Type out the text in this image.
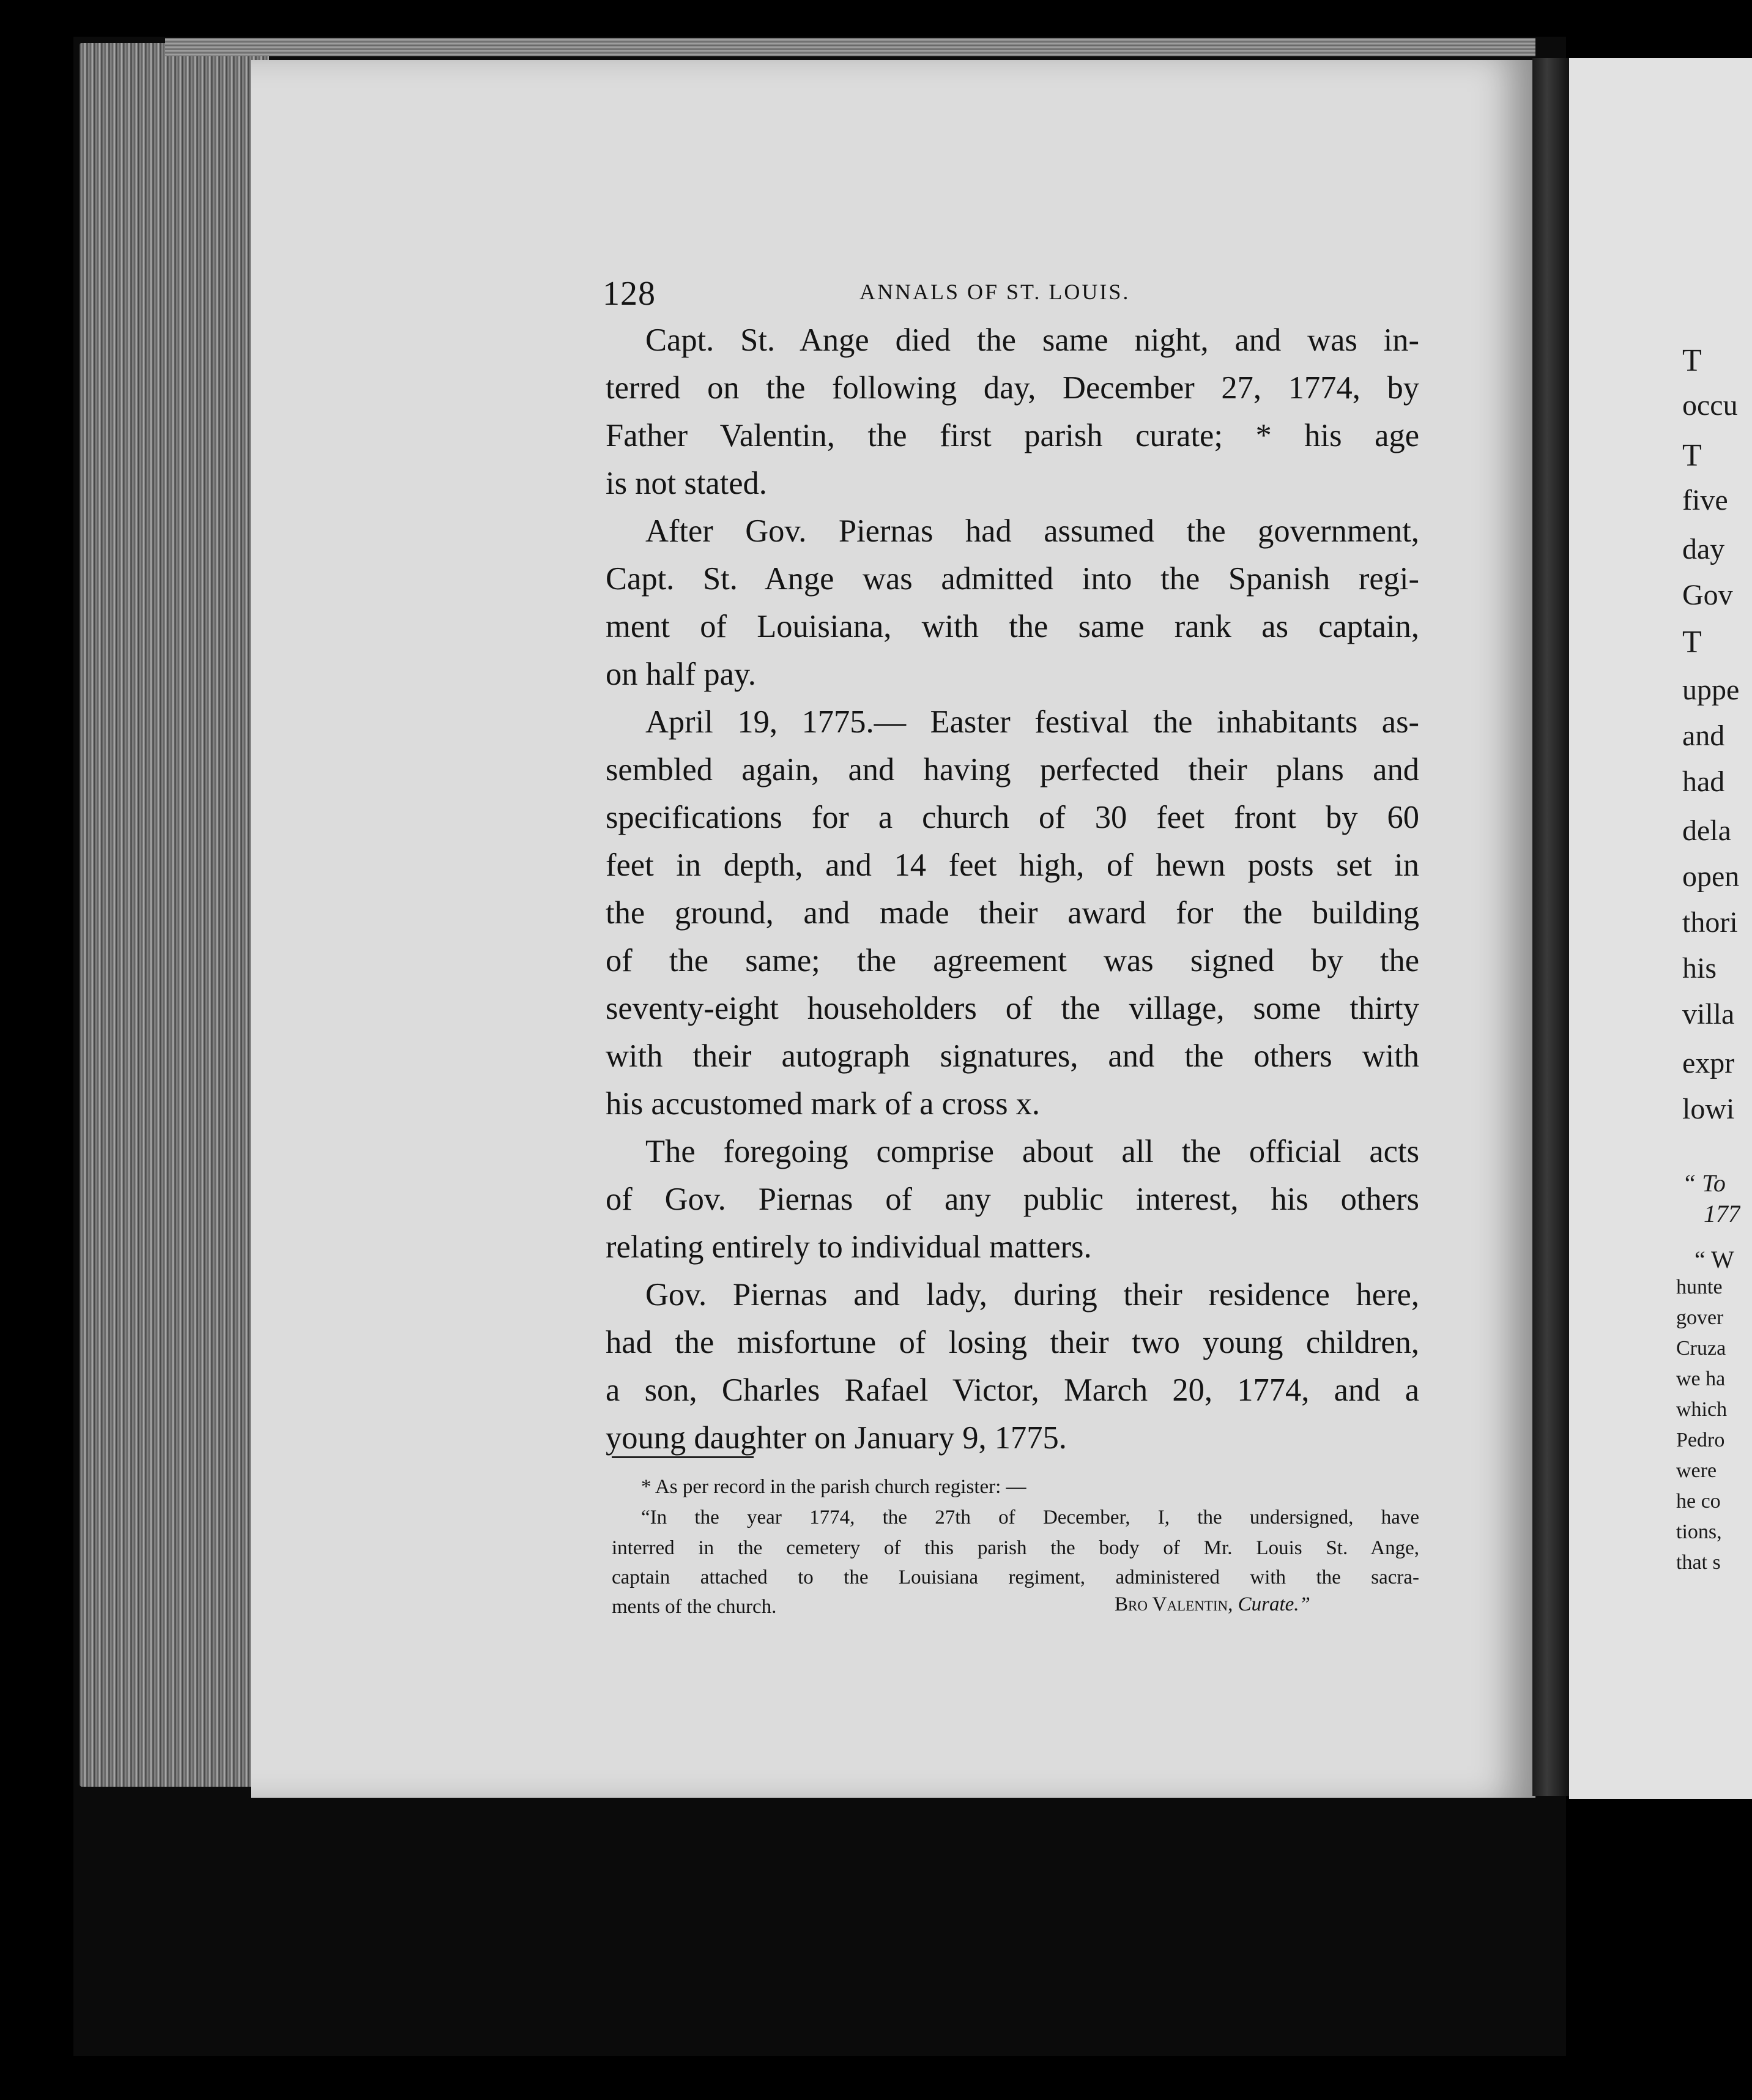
128	ANNALS OF ST. LOUIS.
Capt. St. Ange died the same night, and was in-
terred on the following day, December 27, 1774, by
Father Valentin, the first parish curate; * his age
is not stated.
After Gov. Piernas had assumed the government,
Capt. St. Ange was admitted into the Spanish regi-
ment of Louisiana, with the same rank as captain,
on half pay.
April 19, 1775.— Easter festival the inhabitants as-
sembled again, and having perfected their plans and
specifications for a church of 30 feet front by 60
feet in depth, and 14 feet high, of hewn posts set in
the ground, and made their award for the building
of the same; the agreement was signed by the
seventy-eight householders of the village, some thirty
with their autograph signatures, and the others with
his accustomed mark of a cross x.
The foregoing comprise about all the official acts
of Gov. Piernas of any public interest, his others
relating entirely to individual matters.
Gov. Piernas and lady, during their residence here,
had the misfortune of losing their two young children,
a son, Charles Rafael Victor, March 20, 1774, and a
young daughter on January 9, 1775.
* As per record in the parish church register: —
“In the year 1774, the 27th of December, I, the undersigned, have
interred in the cemetery of this parish the body of Mr. Louis St. Ange,
captain attached to the Louisiana regiment, administered with the sacra-
ments of the church.	Bro Valentin, Curate.”
T
occu
T
five
day
Gov
T
uppe
and
had
dela
open
thori
his
villa
expr
lowi
“ To
177
“ W
hunte
gover
Cruza
we ha
which
Pedro
were
he co
tions,
that s
